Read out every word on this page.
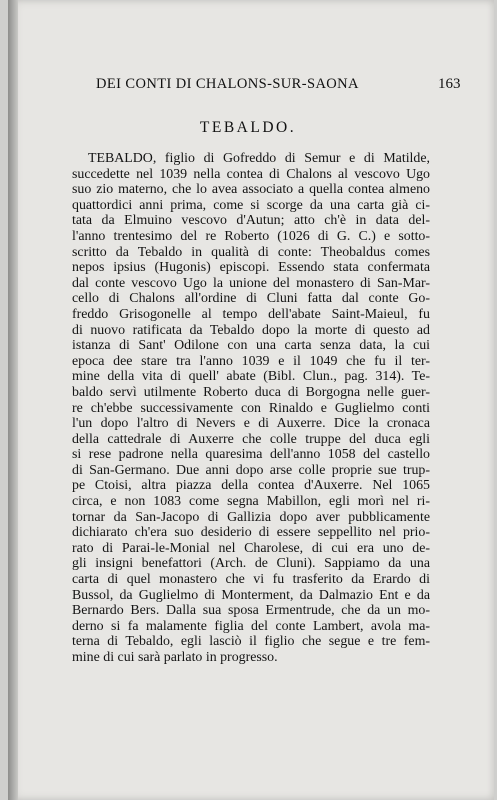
DEI CONTI DI CHALONS-SUR-SAONA	163
TEBALDO.
TEBALDO, figlio di Gofreddo di Semur e di Matilde,
succedette nel 1039 nella contea di Chalons al vescovo Ugo
suo zio materno, che lo avea associato a quella contea almeno
quattordici anni prima, come si scorge da una carta già ci-
tata da Elmuino vescovo d'Autun; atto ch'è in data del-
l'anno trentesimo del re Roberto (1026 di G. C.) e sotto-
scritto da Tebaldo in qualità di conte: Theobaldus comes
nepos ipsius (Hugonis) episcopi. Essendo stata confermata
dal conte vescovo Ugo la unione del monastero di San-Mar-
cello di Chalons all'ordine di Cluni fatta dal conte Go-
freddo Grisogonelle al tempo dell'abate Saint-Maieul, fu
di nuovo ratificata da Tebaldo dopo la morte di questo ad
istanza di Sant' Odilone con una carta senza data, la cui
epoca dee stare tra l'anno 1039 e il 1049 che fu il ter-
mine della vita di quell' abate (Bibl. Clun., pag. 314). Te-
baldo servì utilmente Roberto duca di Borgogna nelle guer-
re ch'ebbe successivamente con Rinaldo e Guglielmo conti
l'un dopo l'altro di Nevers e di Auxerre. Dice la cronaca
della cattedrale di Auxerre che colle truppe del duca egli
si rese padrone nella quaresima dell'anno 1058 del castello
di San-Germano. Due anni dopo arse colle proprie sue trup-
pe Ctoisi, altra piazza della contea d'Auxerre. Nel 1065
circa, e non 1083 come segna Mabillon, egli morì nel ri-
tornar da San-Jacopo di Gallizia dopo aver pubblicamente
dichiarato ch'era suo desiderio di essere seppellito nel prio-
rato di Parai-le-Monial nel Charolese, di cui era uno de-
gli insigni benefattori (Arch. de Cluni). Sappiamo da una
carta di quel monastero che vi fu trasferito da Erardo di
Bussol, da Guglielmo di Monterment, da Dalmazio Ent e da
Bernardo Bers. Dalla sua sposa Ermentrude, che da un mo-
derno si fa malamente figlia del conte Lambert, avola ma-
terna di Tebaldo, egli lasciò il figlio che segue e tre fem-
mine di cui sarà parlato in progresso.
